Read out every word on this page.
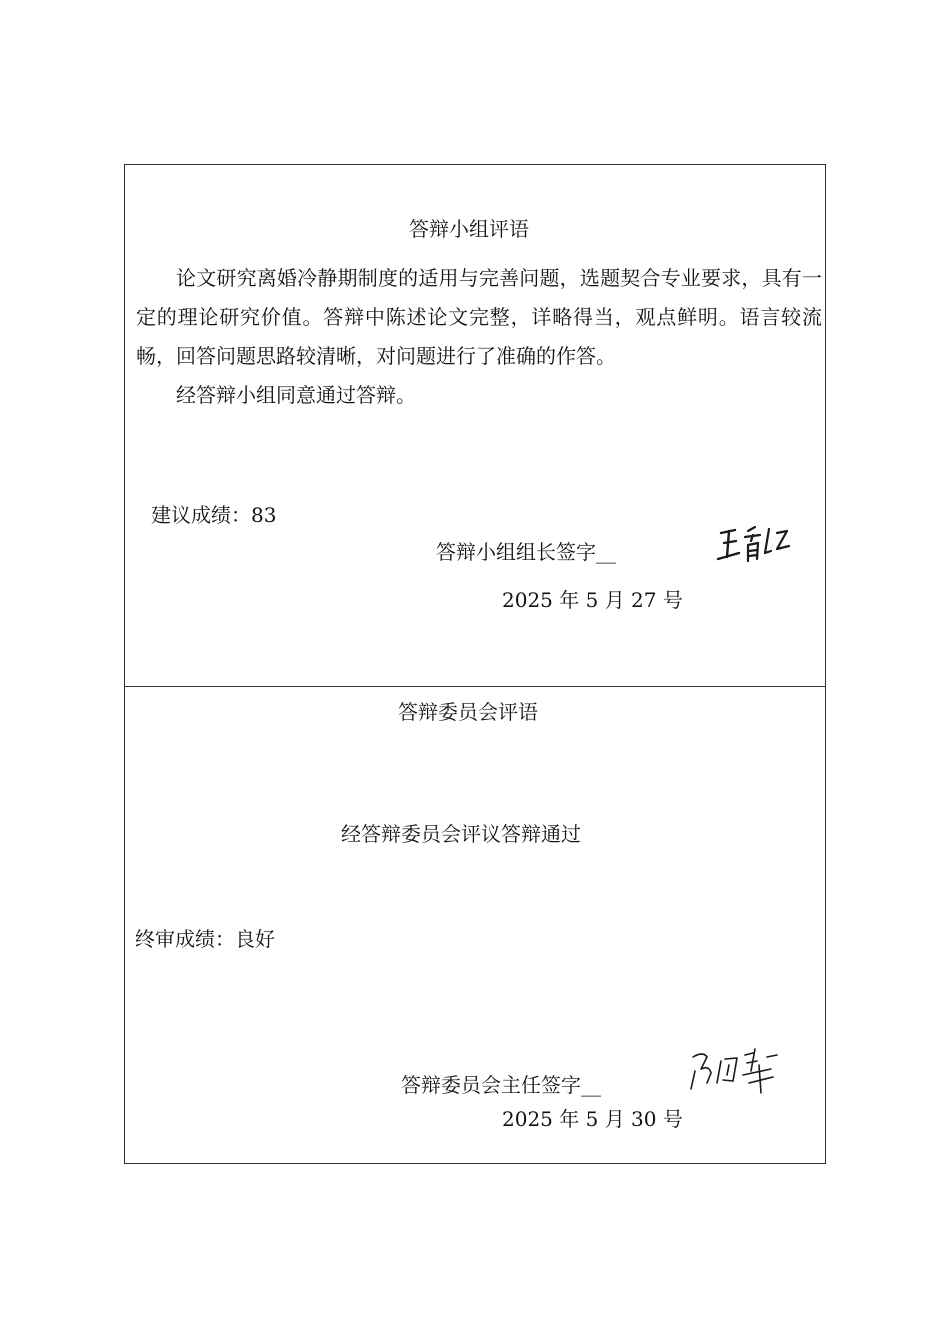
答辩小组评语

论文研究离婚冷静期制度的适用与完善问题，选题契合专业要求，具有一定的理论研究价值。答辩中陈述论文完整，详略得当，观点鲜明。语言较流畅，回答问题思路较清晰，对问题进行了准确的作答。

经答辩小组同意通过答辩。

建议成绩：83
答辩小组组长签字__
2025 年 5 月 27 号
答辩委员会评语
经答辩委员会评议答辩通过
终审成绩：良好
答辩委员会主任签字__
2025 年 5 月 30 号
